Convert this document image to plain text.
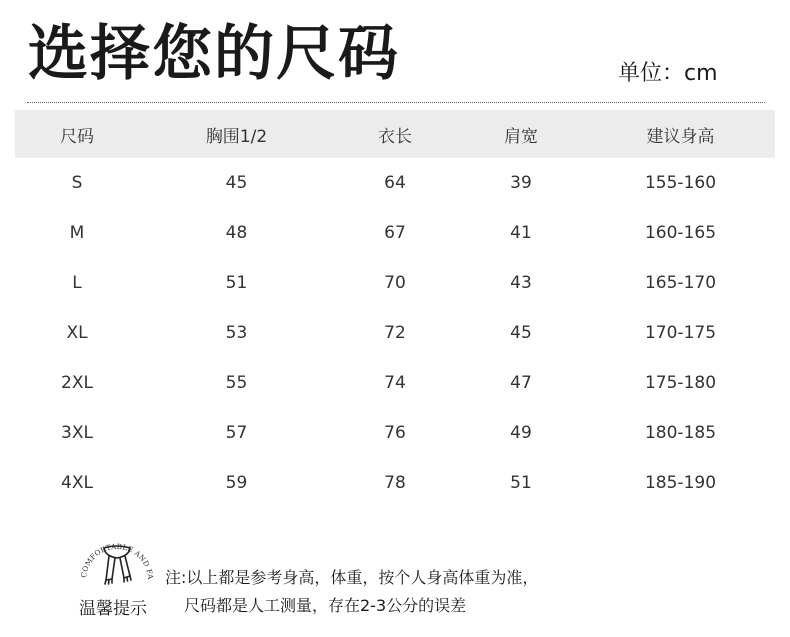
选择您的尺码	单位：cm
尺码	胸围1/2	衣长	肩宽	建议身高
S	45	64	39	155-160
M	48	67	41	160-165
L	51	70	43	165-170
XL	53	72	45	170-175
2XL	55	74	47	175-180
3XL	57	76	49	180-185
4XL	59	78	51	185-190
COMFORTABLE AND FA
温馨提示
注:以上都是参考身高，体重，按个人身高体重为准，
尺码都是人工测量，存在2-3公分的误差
